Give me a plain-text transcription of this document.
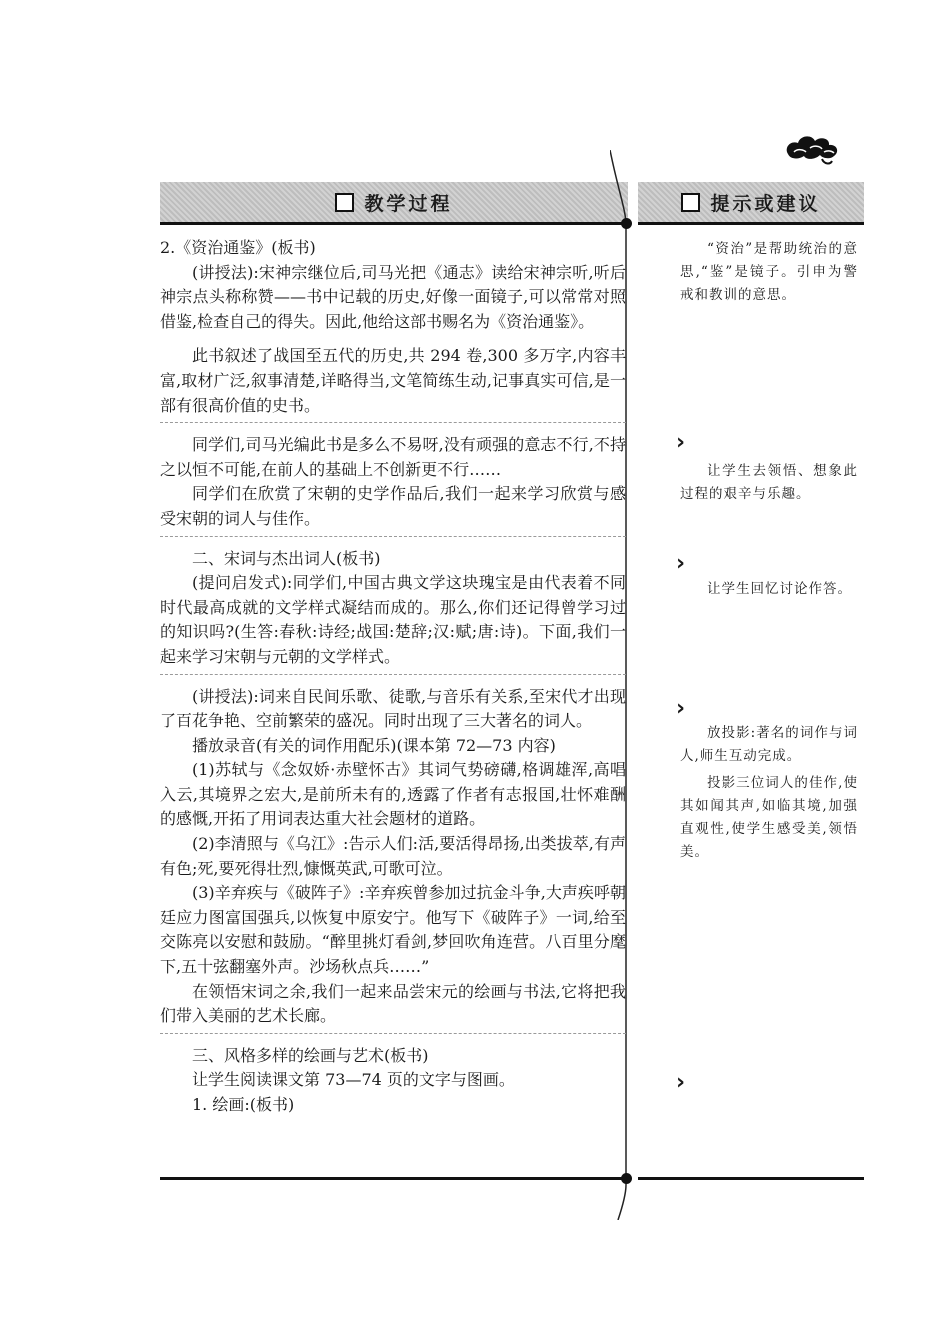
教学过程	提示或建议

2.《资治通鉴》(板书)

(讲授法):宋神宗继位后,司马光把《通志》读给宋神宗听,听后神宗点头称称赞——书中记载的历史,好像一面镜子,可以常常对照借鉴,检查自己的得失。因此,他给这部书赐名为《资治通鉴》。

此书叙述了战国至五代的历史,共 294 卷,300 多万字,内容丰富,取材广泛,叙事清楚,详略得当,文笔简练生动,记事真实可信,是一部有很高价值的史书。

同学们,司马光编此书是多么不易呀,没有顽强的意志不行,不持之以恒不可能,在前人的基础上不创新更不行……

同学们在欣赏了宋朝的史学作品后,我们一起来学习欣赏与感受宋朝的词人与佳作。

二、宋词与杰出词人(板书)

(提问启发式):同学们,中国古典文学这块瑰宝是由代表着不同时代最高成就的文学样式凝结而成的。那么,你们还记得曾学习过的知识吗?(生答:春秋:诗经;战国:楚辞;汉:赋;唐:诗)。下面,我们一起来学习宋朝与元朝的文学样式。

(讲授法):词来自民间乐歌、徒歌,与音乐有关系,至宋代才出现了百花争艳、空前繁荣的盛况。同时出现了三大著名的词人。

播放录音(有关的词作用配乐)(课本第 72—73 内容)

(1)苏轼与《念奴娇·赤壁怀古》其词气势磅礴,格调雄浑,高唱入云,其境界之宏大,是前所未有的,透露了作者有志报国,壮怀难酬的感慨,开拓了用词表达重大社会题材的道路。

(2)李清照与《乌江》:告示人们:活,要活得昂扬,出类拔萃,有声有色;死,要死得壮烈,慷慨英武,可歌可泣。

(3)辛弃疾与《破阵子》:辛弃疾曾参加过抗金斗争,大声疾呼朝廷应力图富国强兵,以恢复中原安宁。他写下《破阵子》一词,给至交陈亮以安慰和鼓励。“醉里挑灯看剑,梦回吹角连营。八百里分麾下,五十弦翻塞外声。沙场秋点兵……”

在领悟宋词之余,我们一起来品尝宋元的绘画与书法,它将把我们带入美丽的艺术长廊。

三、风格多样的绘画与艺术(板书)

让学生阅读课文第 73—74 页的文字与图画。

1. 绘画:(板书)

“资治”是帮助统治的意思,“鉴”是镜子。引申为警戒和教训的意思。

›

让学生去领悟、想象此过程的艰辛与乐趣。

›

让学生回忆讨论作答。

›

放投影:著名的词作与词人,师生互动完成。

投影三位词人的佳作,使其如闻其声,如临其境,加强直观性,使学生感受美,领悟美。

›
